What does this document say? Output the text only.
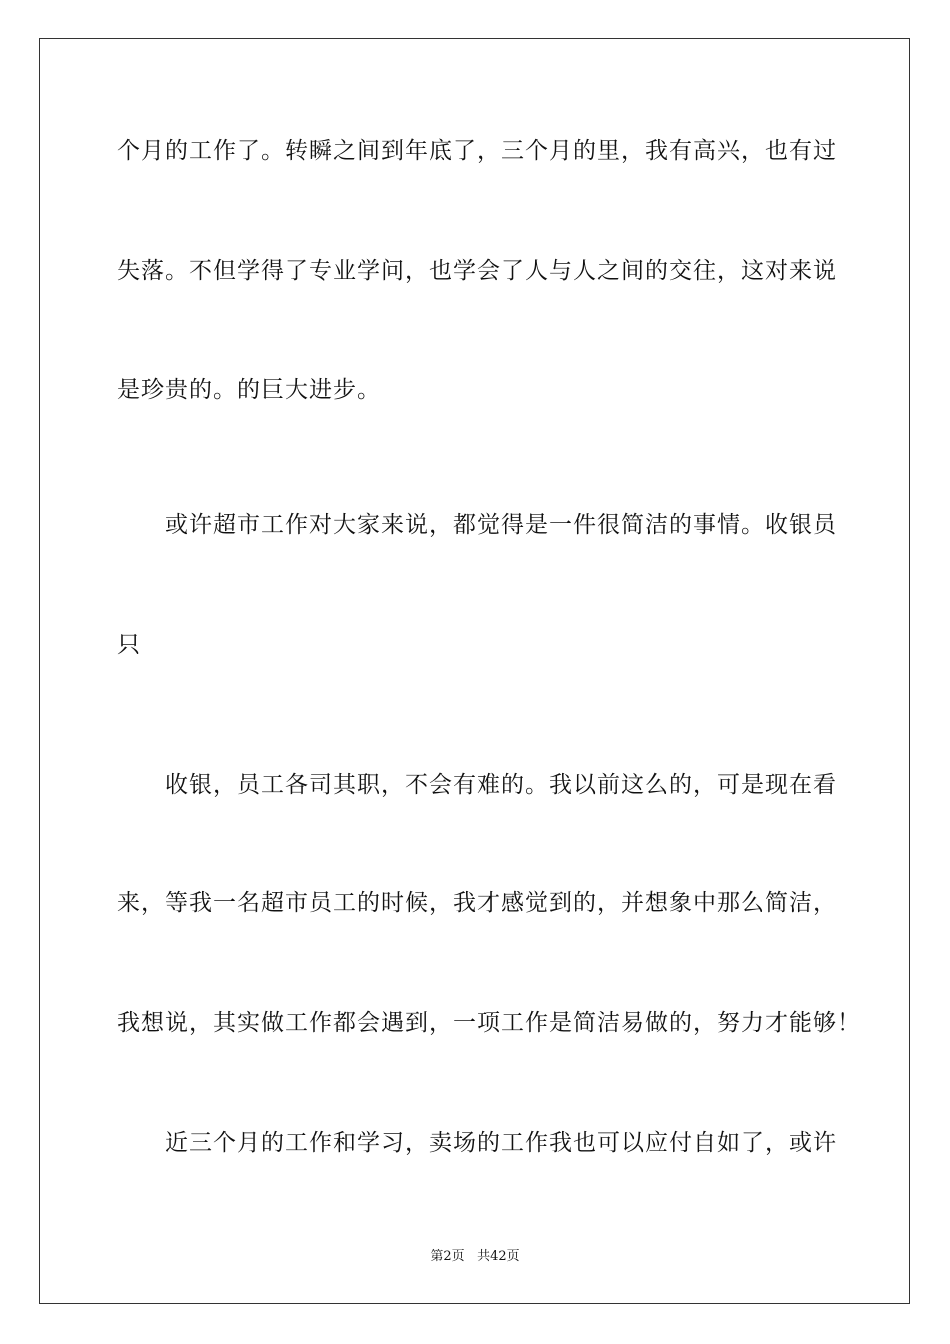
个月的工作了。转瞬之间到年底了，三个月的里，我有高兴，也有过
失落。不但学得了专业学问，也学会了人与人之间的交往，这对来说
是珍贵的。的巨大进步。
或许超市工作对大家来说，都觉得是一件很简洁的事情。收银员
只
收银，员工各司其职，不会有难的。我以前这么的，可是现在看
来，等我一名超市员工的时候，我才感觉到的，并想象中那么简洁，
我想说，其实做工作都会遇到，一项工作是简洁易做的，努力才能够！
近三个月的工作和学习，卖场的工作我也可以应付自如了，或许
第2页 共42页
